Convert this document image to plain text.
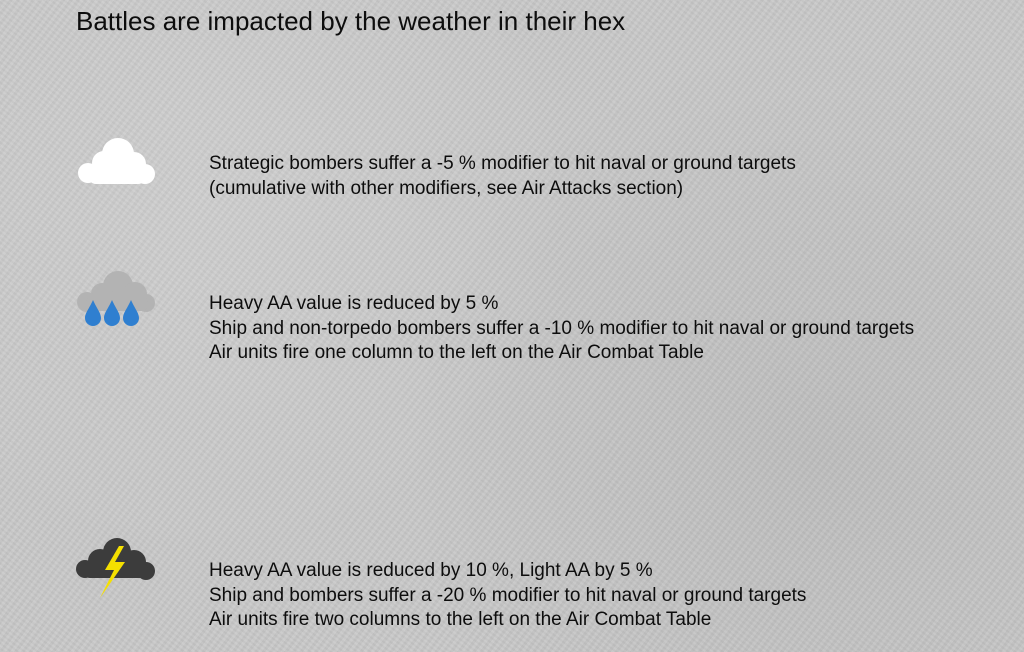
Battles are impacted by the weather in their hex

Strategic bombers suffer a -5 % modifier to hit naval or ground targets
(cumulative with other modifiers, see Air Attacks section)

Heavy AA value is reduced by 5 %
Ship and non-torpedo bombers suffer a -10 % modifier to hit naval or ground targets
Air units fire one column to the left on the Air Combat Table

Heavy AA value is reduced by 10 %, Light AA by 5 %
Ship and bombers suffer a -20 % modifier to hit naval or ground targets
Air units fire two columns to the left on the Air Combat Table
